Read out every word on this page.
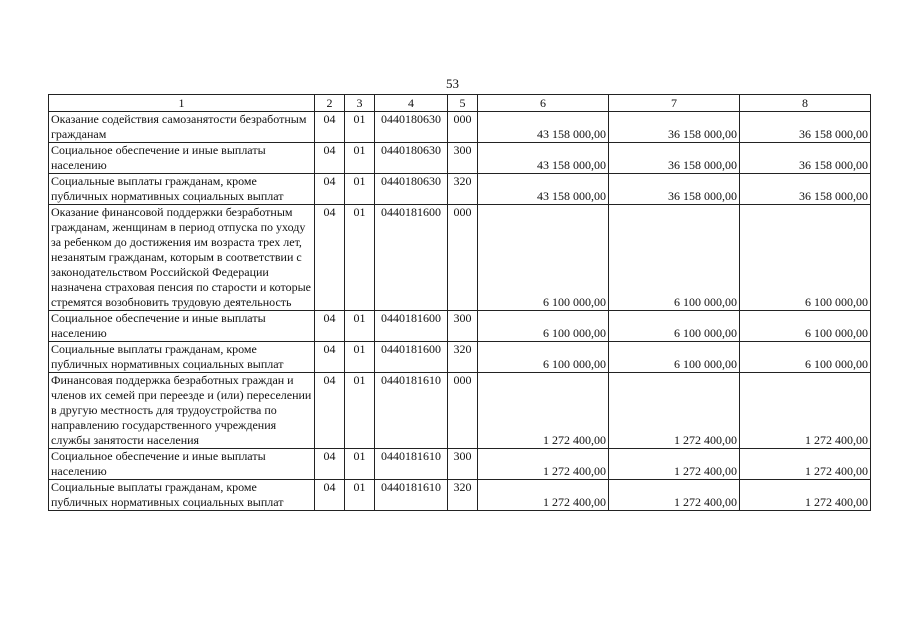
53
1	2	3	4	5	6	7	8
Оказание содействия самозанятости безработным гражданам	04	01	0440180630	000	43 158 000,00	36 158 000,00	36 158 000,00
Социальное обеспечение и иные выплаты населению	04	01	0440180630	300	43 158 000,00	36 158 000,00	36 158 000,00
Социальные выплаты гражданам, кроме публичных нормативных социальных выплат	04	01	0440180630	320	43 158 000,00	36 158 000,00	36 158 000,00
Оказание финансовой поддержки безработным гражданам, женщинам в период отпуска по уходу за ребенком до достижения им возраста трех лет, незанятым гражданам, которым в соответствии с законодательством Российской Федерации назначена страховая пенсия по старости и которые стремятся возобновить трудовую деятельность	04	01	0440181600	000	6 100 000,00	6 100 000,00	6 100 000,00
Социальное обеспечение и иные выплаты населению	04	01	0440181600	300	6 100 000,00	6 100 000,00	6 100 000,00
Социальные выплаты гражданам, кроме публичных нормативных социальных выплат	04	01	0440181600	320	6 100 000,00	6 100 000,00	6 100 000,00
Финансовая поддержка безработных граждан и членов их семей при переезде и (или) переселении в другую местность для трудоустройства по направлению государственного учреждения службы занятости населения	04	01	0440181610	000	1 272 400,00	1 272 400,00	1 272 400,00
Социальное обеспечение и иные выплаты населению	04	01	0440181610	300	1 272 400,00	1 272 400,00	1 272 400,00
Социальные выплаты гражданам, кроме публичных нормативных социальных выплат	04	01	0440181610	320	1 272 400,00	1 272 400,00	1 272 400,00
